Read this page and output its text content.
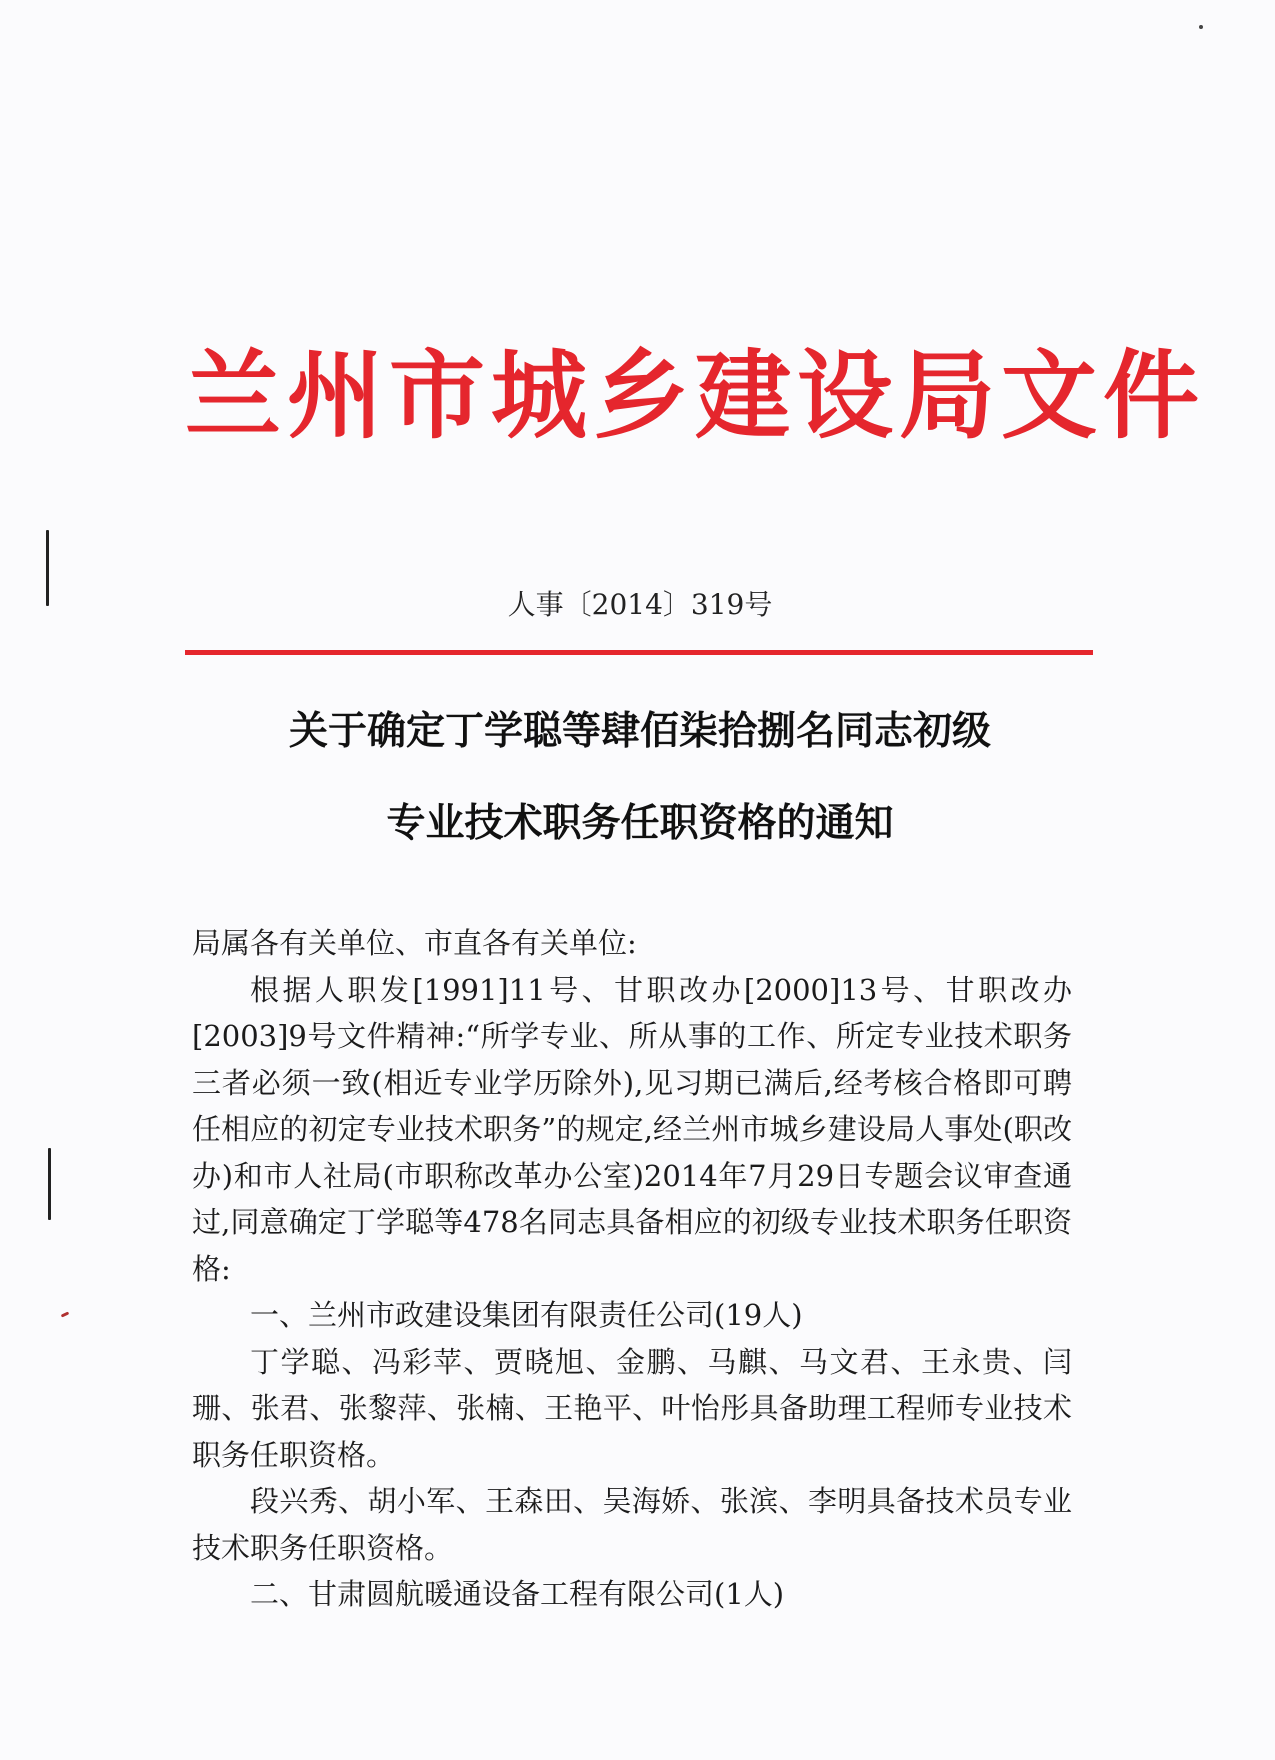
兰州市城乡建设局文件
人事〔2014〕319号
关于确定丁学聪等肆佰柒拾捌名同志初级
专业技术职务任职资格的通知

局属各有关单位、市直各有关单位:

根据人职发[1991]11号、甘职改办[2000]13号、甘职改办[2003]9号文件精神:“所学专业、所从事的工作、所定专业技术职务三者必须一致(相近专业学历除外),见习期已满后,经考核合格即可聘任相应的初定专业技术职务”的规定,经兰州市城乡建设局人事处(职改办)和市人社局(市职称改革办公室)2014年7月29日专题会议审查通过,同意确定丁学聪等478名同志具备相应的初级专业技术职务任职资格:

一、兰州市政建设集团有限责任公司(19人)

丁学聪、冯彩苹、贾晓旭、金鹏、马麒、马文君、王永贵、闫珊、张君、张黎萍、张楠、王艳平、叶怡彤具备助理工程师专业技术职务任职资格。

段兴秀、胡小军、王森田、吴海娇、张滨、李明具备技术员专业技术职务任职资格。

二、甘肃圆航暖通设备工程有限公司(1人)
